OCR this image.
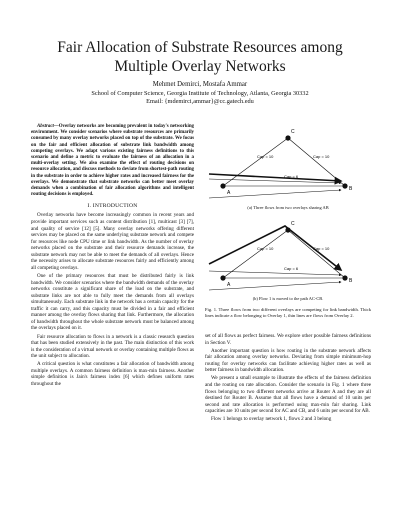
Fair Allocation of Substrate Resources among
Multiple Overlay Networks
Mehmet Demirci, Mostafa Ammar
School of Computer Science, Georgia Institute of Technology, Atlanta, Georgia 30332
Email: {mdemirci,ammar}@cc.gatech.edu

Abstract—Overlay networks are becoming prevalent in today's networking environment. We consider scenarios where substrate resources are primarily consumed by many overlay networks placed on top of the substrate. We focus on the fair and efficient allocation of substrate link bandwidth among competing overlays. We adapt various existing fairness definitions to this scenario and define a metric to evaluate the fairness of an allocation in a multi-overlay setting. We also examine the effect of routing decisions on resource allocation, and discuss methods to deviate from shortest-path routing in the substrate in order to achieve higher rates and increased fairness for the overlays. We demonstrate that substrate networks can better meet overlay demands when a combination of fair allocation algorithms and intelligent routing decisions is employed.

I. INTRODUCTION

Overlay networks have become increasingly common in recent years and provide important services such as content distribution [1], multicast [3] [7], and quality of service [12] [5]. Many overlay networks offering different services may be placed on the same underlying substrate network and compete for resources like node CPU time or link bandwidth. As the number of overlay networks placed on the substrate and their resource demands increase, the substrate network may not be able to meet the demands of all overlays. Hence the necessity arises to allocate substrate resources fairly and efficiently among all competing overlays.

One of the primary resources that must be distributed fairly is link bandwidth. We consider scenarios where the bandwidth demands of the overlay networks constitute a significant share of the load on the substrate, and substrate links are not able to fully meet the demands from all overlays simultaneously. Each substrate link in the network has a certain capacity for the traffic it can carry, and this capacity must be divided in a fair and efficient manner among the overlay flows sharing that link. Furthermore, the allocation of bandwidth throughout the whole substrate network must be balanced among the overlays placed on it.

Fair resource allocation to flows in a network is a classic research question that has been studied extensively in the past. The main distinction of this work is the consideration of a virtual network or overlay containing multiple flows as the unit subject to allocation.

A critical question is what constitutes a fair allocation of bandwidth among multiple overlays. A common fairness definition is max-min fairness. Another simple definition is Jain's fairness index [6] which defines uniform rates throughout the

A
B
C
Cap = 10	Cap = 10
Cap = 6
(a) Three flows from two overlays sharing AB
A
B
C
Cap = 10	Cap = 10
Cap = 6
(b) Flow 1 is moved to the path AC-CB.
Fig. 1. Three flows from two different overlays are competing for link bandwidth. Thick lines indicate a flow belonging to Overlay 1, thin lines are flows from Overlay 2.

set of all flows as perfect fairness. We explore other possible fairness definitions in Section V.

Another important question is how routing in the substrate network affects fair allocation among overlay networks. Deviating from simple minimum-hop routing for overlay networks can facilitate achieving higher rates as well as better fairness in bandwidth allocation.

We present a small example to illustrate the effects of the fairness definition and the routing on rate allocation. Consider the scenario in Fig. 1 where three flows belonging to two different networks arrive at Router A and they are all destined for Router B. Assume that all flows have a demand of 10 units per second and rate allocation is performed using max-min fair sharing. Link capacities are 10 units per second for AC and CB, and 6 units per second for AB.

Flow 1 belongs to overlay network 1, flows 2 and 3 belong
